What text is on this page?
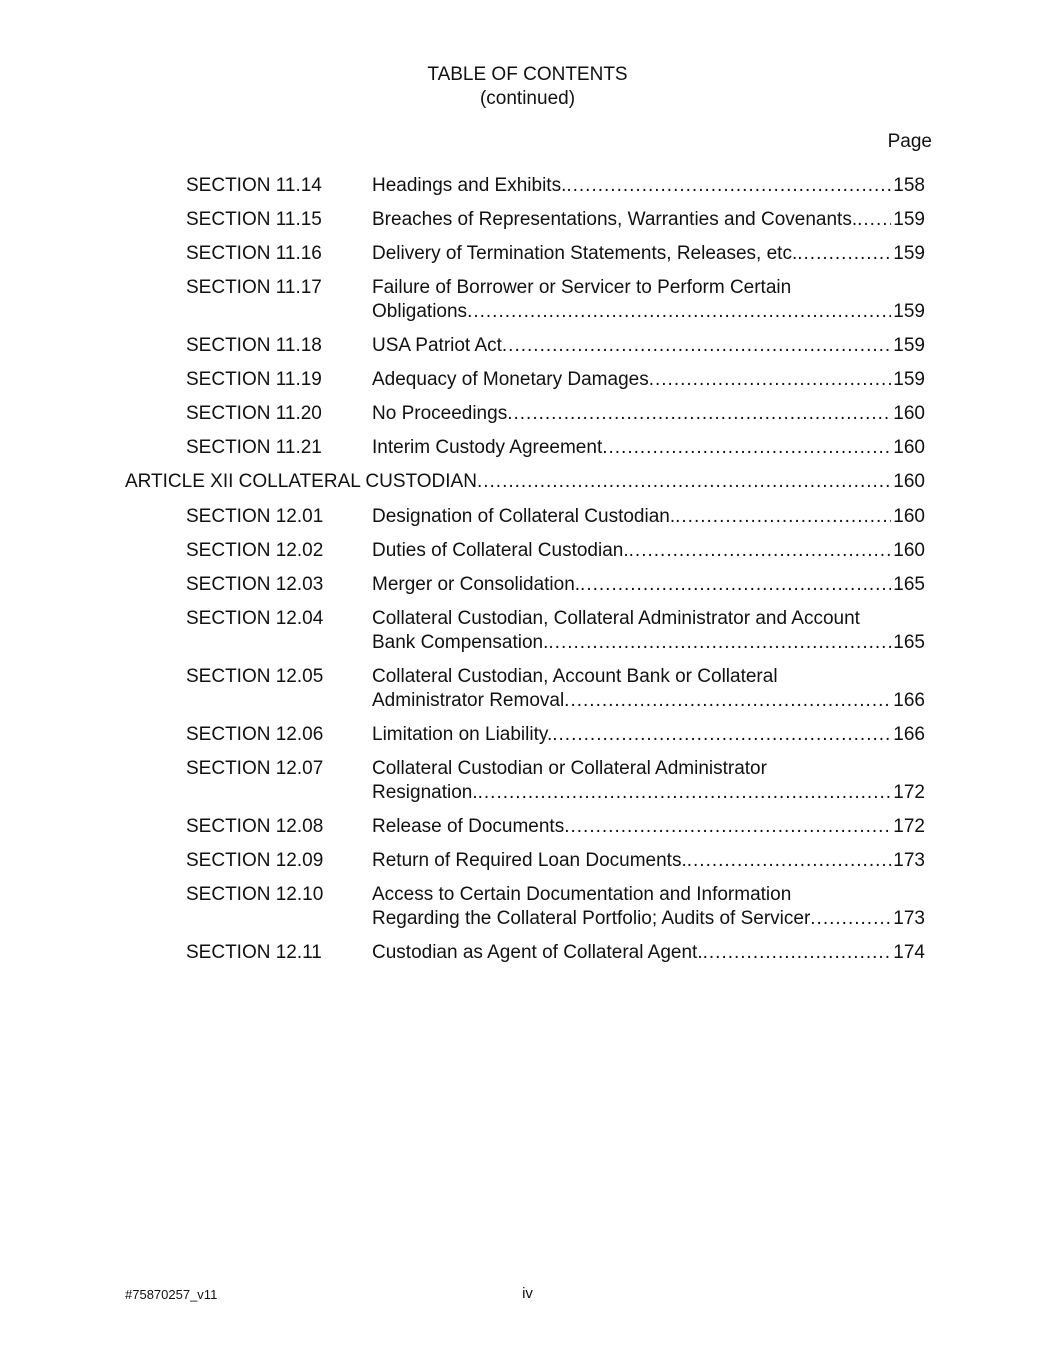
TABLE OF CONTENTS
(continued)
Page
SECTION 11.14	Headings and Exhibits. .....	158
SECTION 11.15	Breaches of Representations, Warranties and Covenants. ..... 159
SECTION 11.16	Delivery of Termination Statements, Releases, etc. .....	159
SECTION 11.17	Failure of Borrower or Servicer to Perform Certain
Obligations .....	159
SECTION 11.18	USA Patriot Act .....	159
SECTION 11.19	Adequacy of Monetary Damages .....	159
SECTION 11.20	No Proceedings .....	160
SECTION 11.21	Interim Custody Agreement .....	160
ARTICLE XII COLLATERAL CUSTODIAN .....	160
SECTION 12.01	Designation of Collateral Custodian. .....	160
SECTION 12.02	Duties of Collateral Custodian. .....	160
SECTION 12.03	Merger or Consolidation. .....	165
SECTION 12.04	Collateral Custodian, Collateral Administrator and Account
Bank Compensation. .....	165
SECTION 12.05	Collateral Custodian, Account Bank or Collateral
Administrator Removal .....	166
SECTION 12.06	Limitation on Liability. .....	166
SECTION 12.07	Collateral Custodian or Collateral Administrator
Resignation. .....	172
SECTION 12.08	Release of Documents .....	172
SECTION 12.09	Return of Required Loan Documents. .....	173
SECTION 12.10	Access to Certain Documentation and Information
Regarding the Collateral Portfolio; Audits of Servicer .....	173
SECTION 12.11	Custodian as Agent of Collateral Agent. .....	174
#75870257_v11	iv
